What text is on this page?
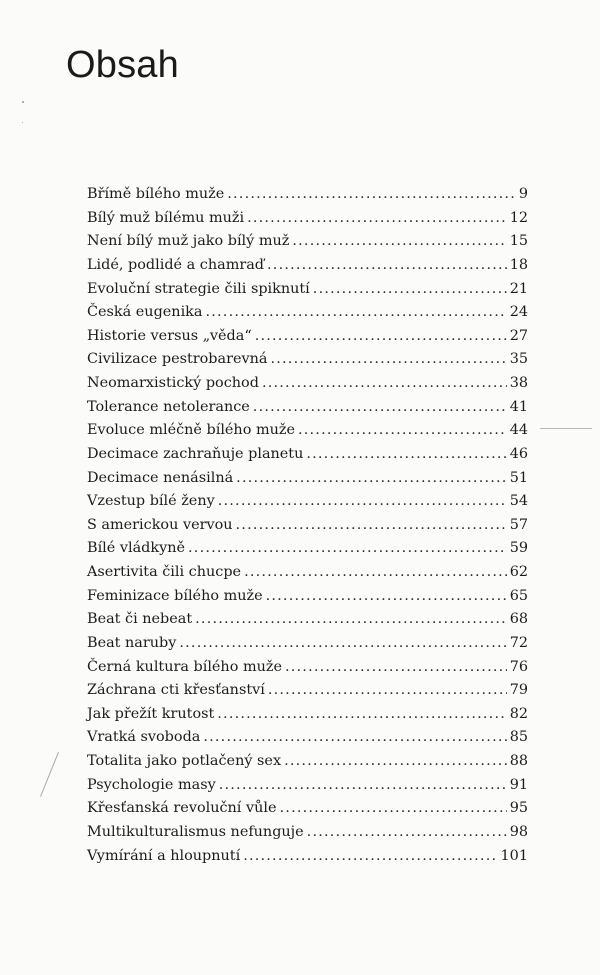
Obsah
Břímě bílého muže .....	9
Bílý muž bílému muži .....	12
Není bílý muž jako bílý muž .....	15
Lidé, podlidé a chamraď .....	18
Evoluční strategie čili spiknutí .....	21
Česká eugenika .....	24
Historie versus „věda“ .....	27
Civilizace pestrobarevná .....	35
Neomarxistický pochod .....	38
Tolerance netolerance .....	41
Evoluce mléčně bílého muže .....	44
Decimace zachraňuje planetu .....	46
Decimace nenásilná .....	51
Vzestup bílé ženy .....	54
S americkou vervou .....	57
Bílé vládkyně .....	59
Asertivita čili chucpe .....	62
Feminizace bílého muže .....	65
Beat či nebeat .....	68
Beat naruby .....	72
Černá kultura bílého muže .....	76
Záchrana cti křesťanství .....	79
Jak přežít krutost .....	82
Vratká svoboda .....	85
Totalita jako potlačený sex .....	88
Psychologie masy .....	91
Křesťanská revoluční vůle .....	95
Multikulturalismus nefunguje .....	98
Vymírání a hloupnutí .....	101
